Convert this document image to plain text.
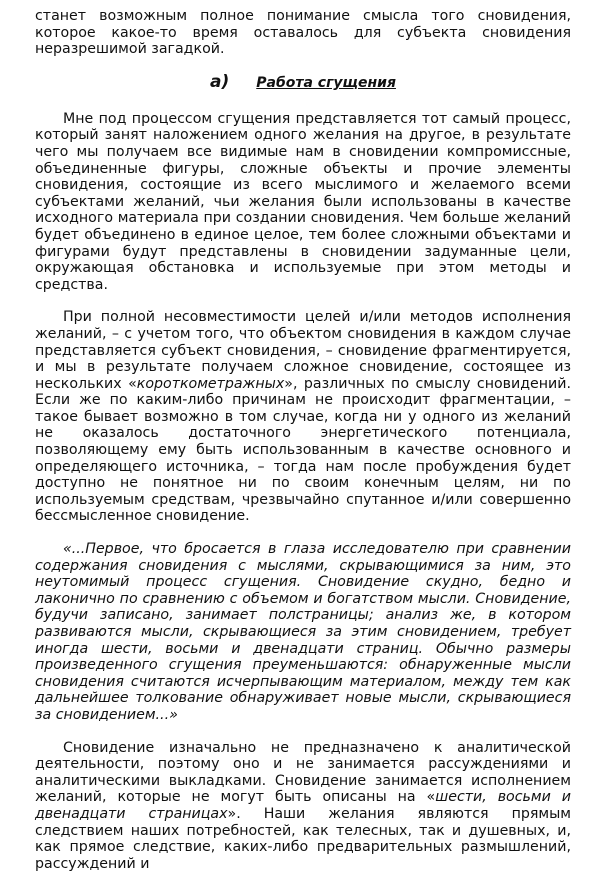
станет возможным полное понимание смысла того сновидения, которое какое-то время оставалось для субъекта сновидения неразрешимой загадкой.

а) Работа сгущения

Мне под процессом сгущения представляется тот самый процесс, который занят наложением одного желания на другое, в результате чего мы получаем все видимые нам в сновидении компромиссные, объединенные фигуры, сложные объекты и прочие элементы сновидения, состоящие из всего мыслимого и желаемого всеми субъектами желаний, чьи желания были использованы в качестве исходного материала при создании сновидения. Чем больше желаний будет объединено в единое целое, тем более сложными объектами и фигурами будут представлены в сновидении задуманные цели, окружающая обстановка и используемые при этом методы и средства.

При полной несовместимости целей и/или методов исполнения желаний, – с учетом того, что объектом сновидения в каждом случае представляется субъект сновидения, – сновидение фрагментируется, и мы в результате получаем сложное сновидение, состоящее из нескольких «короткометражных», различных по смыслу сновидений. Если же по каким-либо причинам не происходит фрагментации, – такое бывает возможно в том случае, когда ни у одного из желаний не оказалось достаточного энергетического потенциала, позволяющему ему быть использованным в качестве основного и определяющего источника, – тогда нам после пробуждения будет доступно не понятное ни по своим конечным целям, ни по используемым средствам, чрезвычайно спутанное и/или совершенно бессмысленное сновидение.

«...Первое, что бросается в глаза исследователю при сравнении содержания сновидения с мыслями, скрывающимися за ним, это неутомимый процесс сгущения. Сновидение скудно, бедно и лаконично по сравнению с объемом и богатством мысли. Сновидение, будучи записано, занимает полстраницы; анализ же, в котором развиваются мысли, скрывающиеся за этим сновидением, требует иногда шести, восьми и двенадцати страниц. Обычно размеры произведенного сгущения преуменьшаются: обнаруженные мысли сновидения считаются исчерпывающим материалом, между тем как дальнейшее толкование обнаруживает новые мысли, скрывающиеся за сновидением...»

Сновидение изначально не предназначено к аналитической деятельности, поэтому оно и не занимается рассуждениями и аналитическими выкладками. Сновидение занимается исполнением желаний, которые не могут быть описаны на «шести, восьми и двенадцати страницах». Наши желания являются прямым следствием наших потребностей, как телесных, так и душевных, и, как прямое следствие, каких-либо предварительных размышлений, рассуждений и
